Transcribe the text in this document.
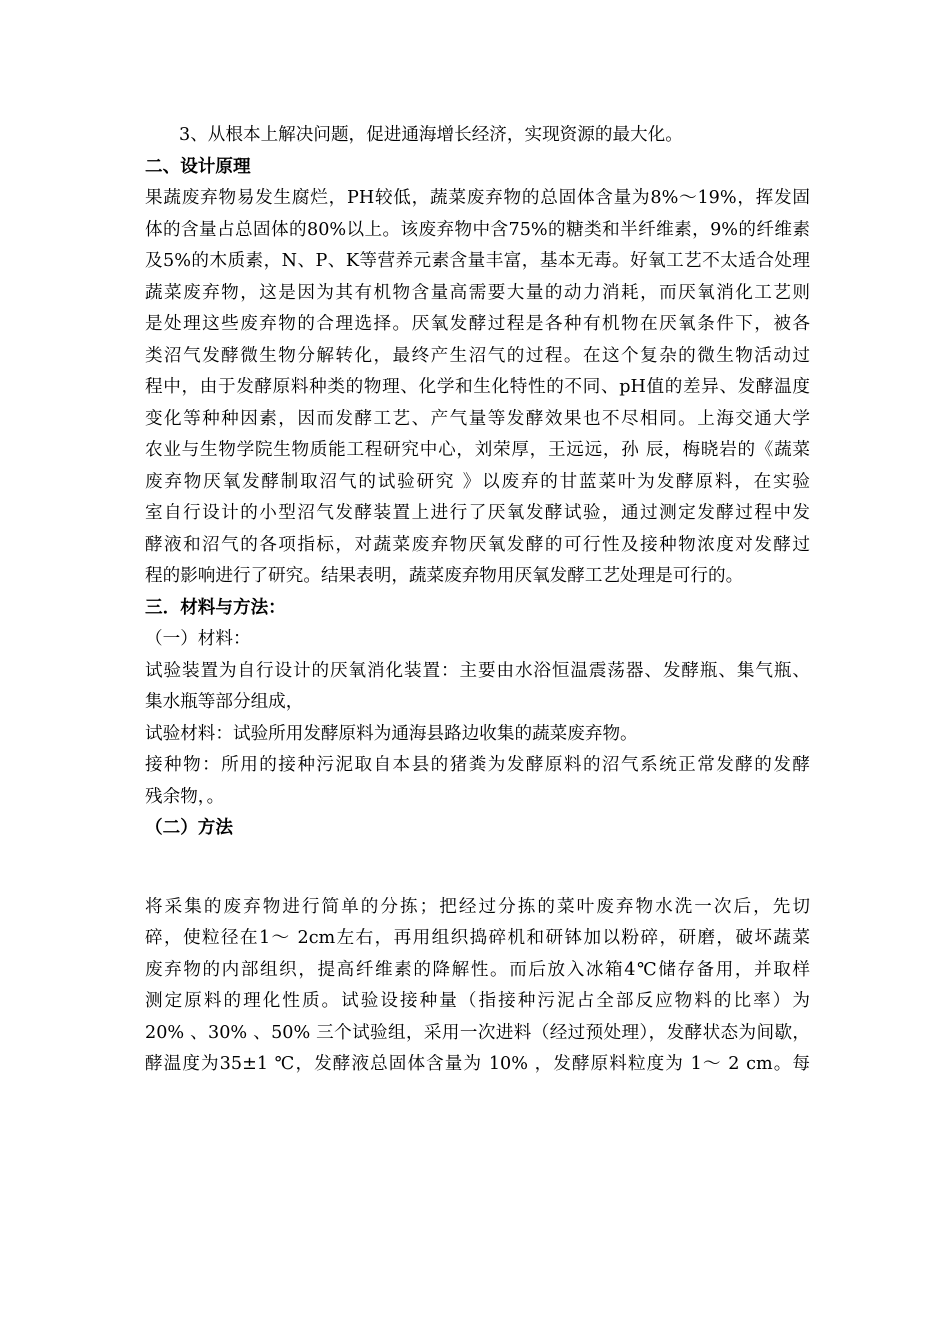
3、从根本上解决问题，促进通海增长经济，实现资源的最大化。
二、设计原理
果蔬废弃物易发生腐烂，PH较低，蔬菜废弃物的总固体含量为8%～19%，挥发固
体的含量占总固体的80%以上。该废弃物中含75%的糖类和半纤维素，9%的纤维素
及5%的木质素，N、P、K等营养元素含量丰富，基本无毒。好氧工艺不太适合处理
蔬菜废弃物，这是因为其有机物含量高需要大量的动力消耗，而厌氧消化工艺则
是处理这些废弃物的合理选择。厌氧发酵过程是各种有机物在厌氧条件下，被各
类沼气发酵微生物分解转化，最终产生沼气的过程。在这个复杂的微生物活动过
程中，由于发酵原料种类的物理、化学和生化特性的不同、pH值的差异、发酵温度
变化等种种因素，因而发酵工艺、产气量等发酵效果也不尽相同。上海交通大学
农业与生物学院生物质能工程研究中心，刘荣厚，王远远，孙 辰，梅晓岩的《蔬菜
废弃物厌氧发酵制取沼气的试验研究 》以废弃的甘蓝菜叶为发酵原料，在实验
室自行设计的小型沼气发酵装置上进行了厌氧发酵试验，通过测定发酵过程中发
酵液和沼气的各项指标，对蔬菜废弃物厌氧发酵的可行性及接种物浓度对发酵过
程的影响进行了研究。结果表明，蔬菜废弃物用厌氧发酵工艺处理是可行的。
三．材料与方法：
（一）材料：
试验装置为自行设计的厌氧消化装置：主要由水浴恒温震荡器、发酵瓶、集气瓶、
集水瓶等部分组成，
试验材料：试验所用发酵原料为通海县路边收集的蔬菜废弃物。
接种物：所用的接种污泥取自本县的猪粪为发酵原料的沼气系统正常发酵的发酵
残余物，。
（二）方法
将采集的废弃物进行简单的分拣；把经过分拣的菜叶废弃物水洗一次后，先切
碎，使粒径在1～ 2cm左右，再用组织捣碎机和研钵加以粉碎，研磨，破坏蔬菜
废弃物的内部组织，提高纤维素的降解性。而后放入冰箱4℃储存备用，并取样
测定原料的理化性质。试验设接种量（指接种污泥占全部反应物料的比率）为
20% 、30% 、50% 三个试验组，采用一次进料（经过预处理），发酵状态为间歇，
酵温度为35±1 ℃，发酵液总固体含量为 10% ，发酵原料粒度为 1～ 2 cm。每
